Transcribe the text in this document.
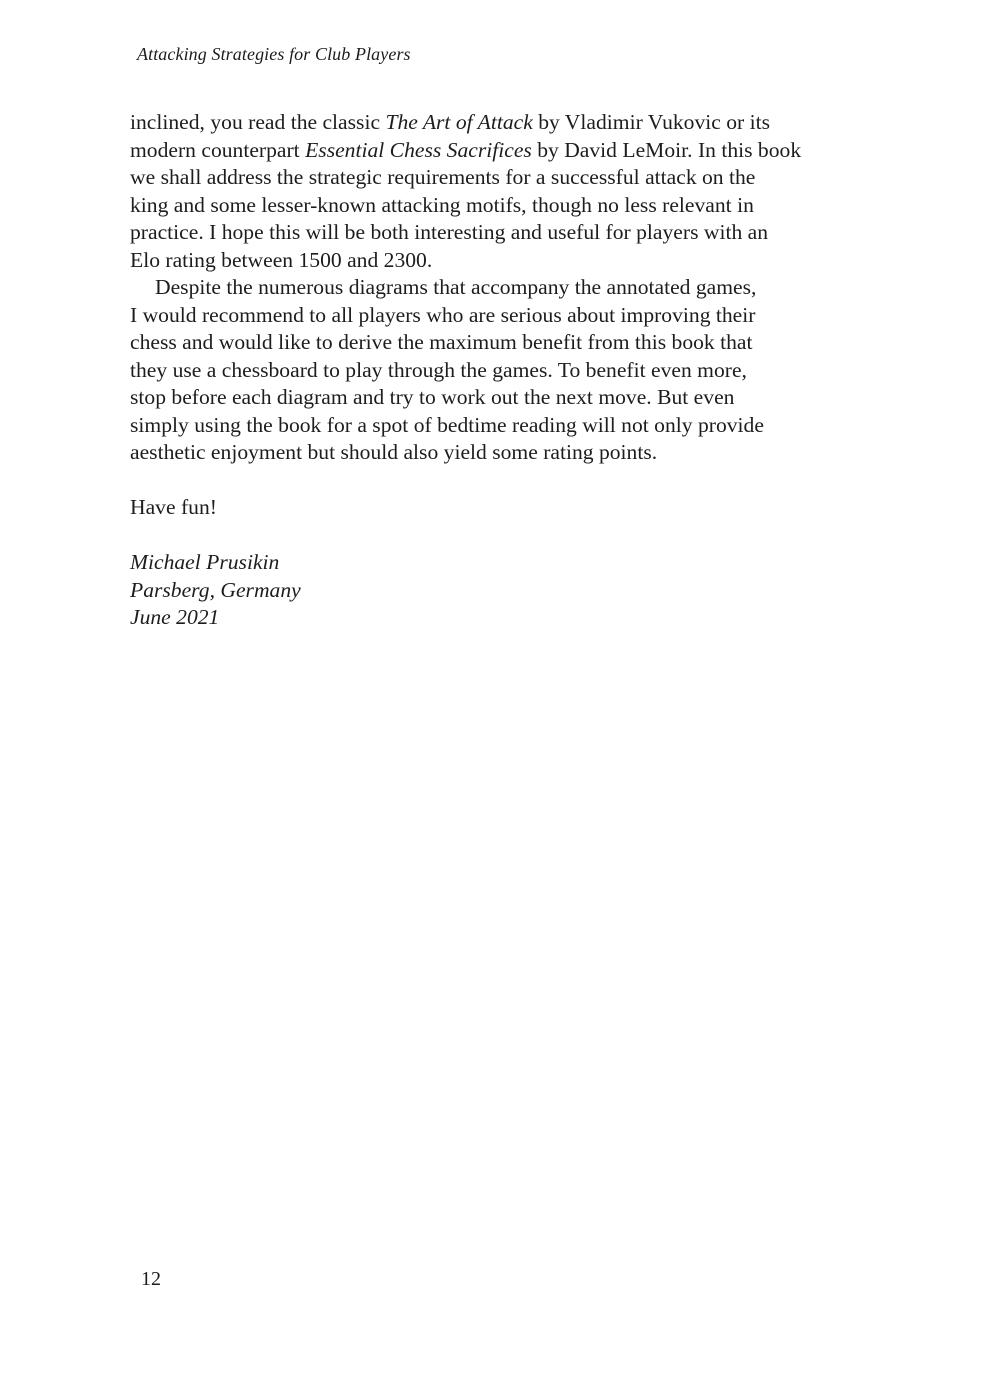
Attacking Strategies for Club Players
inclined, you read the classic The Art of Attack by Vladimir Vukovic or its
modern counterpart Essential Chess Sacrifices by David LeMoir. In this book
we shall address the strategic requirements for a successful attack on the
king and some lesser-known attacking motifs, though no less relevant in
practice. I hope this will be both interesting and useful for players with an
Elo rating between 1500 and 2300.
Despite the numerous diagrams that accompany the annotated games,
I would recommend to all players who are serious about improving their
chess and would like to derive the maximum benefit from this book that
they use a chessboard to play through the games. To benefit even more,
stop before each diagram and try to work out the next move. But even
simply using the book for a spot of bedtime reading will not only provide
aesthetic enjoyment but should also yield some rating points.
Have fun!
Michael Prusikin
Parsberg, Germany
June 2021
12
